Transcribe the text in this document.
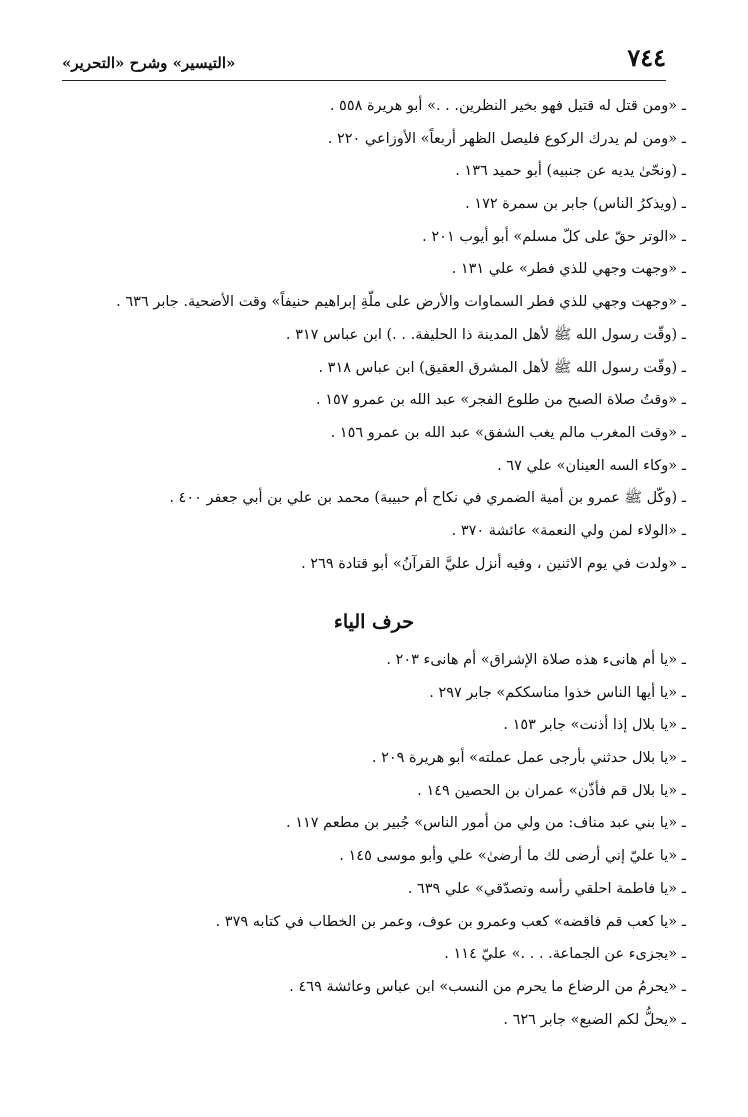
٧٤٤
«التيسير» وشرح «التحرير»
ـ «ومن قتل له قتيل فهو بخير النظرين. . .» أبو هريرة ٥٥٨ .
ـ «ومن لم يدرك الركوع فليصل الظهر أربعاً» الأوزاعي ٢٢٠ .
ـ (ونحّىٰ يديه عن جنبيه) أبو حميد ١٣٦ .
ـ (ويذكرُ الناس) جابر بن سمرة ١٧٢ .
ـ «الوتر حقّ على كلّ مسلم» أبو أيوب ٢٠١ .
ـ «وجهت وجهي للذي فطر» علي ١٣١ .
ـ «وجهت وجهي للذي فطر السماوات والأرض على ملّةِ إبراهيم حنيفاً» وقت الأضحية. جابر ٦٣٦ .
ـ (وقّت رسول الله ﷺ لأهل المدينة ذا الحليفة. . .) ابن عباس ٣١٧ .
ـ (وقّت رسول الله ﷺ لأهل المشرق العقيق) ابن عباس ٣١٨ .
ـ «وقتُ صلاة الصبح من طلوع الفجر» عبد الله بن عمرو ١٥٧ .
ـ «وقت المغرب مالم يغب الشفق» عبد الله بن عمرو ١٥٦ .
ـ «وكاء السه العينان» علي ٦٧ .
ـ (وكّل ﷺ عمرو بن أمية الضمري في نكاح أم حبيبة) محمد بن علي بن أبي جعفر ٤٠٠ .
ـ «الولاء لمن ولي النعمة» عائشة ٣٧٠ .
ـ «ولدت في يوم الاثنين ، وفيه أنزل عليَّ القرآنُ» أبو قتادة ٢٦٩ .
حرف الياء
ـ «يا أم هانىء هذه صلاة الإشراق» أم هانىء ٢٠٣ .
ـ «يا أيها الناس خذوا مناسككم» جابر ٢٩٧ .
ـ «يا بلال إذا أذنت» جابر ١٥٣ .
ـ «يا بلال حدثني بأرجى عمل عملته» أبو هريرة ٢٠٩ .
ـ «يا بلال قم فأذّن» عمران بن الحصين ١٤٩ .
ـ «يا بني عبد مناف: من ولي من أمور الناس» جُبير بن مطعم ١١٧ .
ـ «يا عليّ إني أرضى لك ما أرضىٰ» علي وأبو موسى ١٤٥ .
ـ «يا فاطمة احلقي رأسه وتصدّقي» علي ٦٣٩ .
ـ «يا كعب قم فاقضه» كعب وعمرو بن عوف، وعمر بن الخطاب في كتابه ٣٧٩ .
ـ «يجزىء عن الجماعة. . . .» عليّ ١١٤ .
ـ «يحرمُ من الرضاع ما يحرم من النسب» ابن عباس وعائشة ٤٦٩ .
ـ «يحلُّ لكم الضبع» جابر ٦٢٦ .
